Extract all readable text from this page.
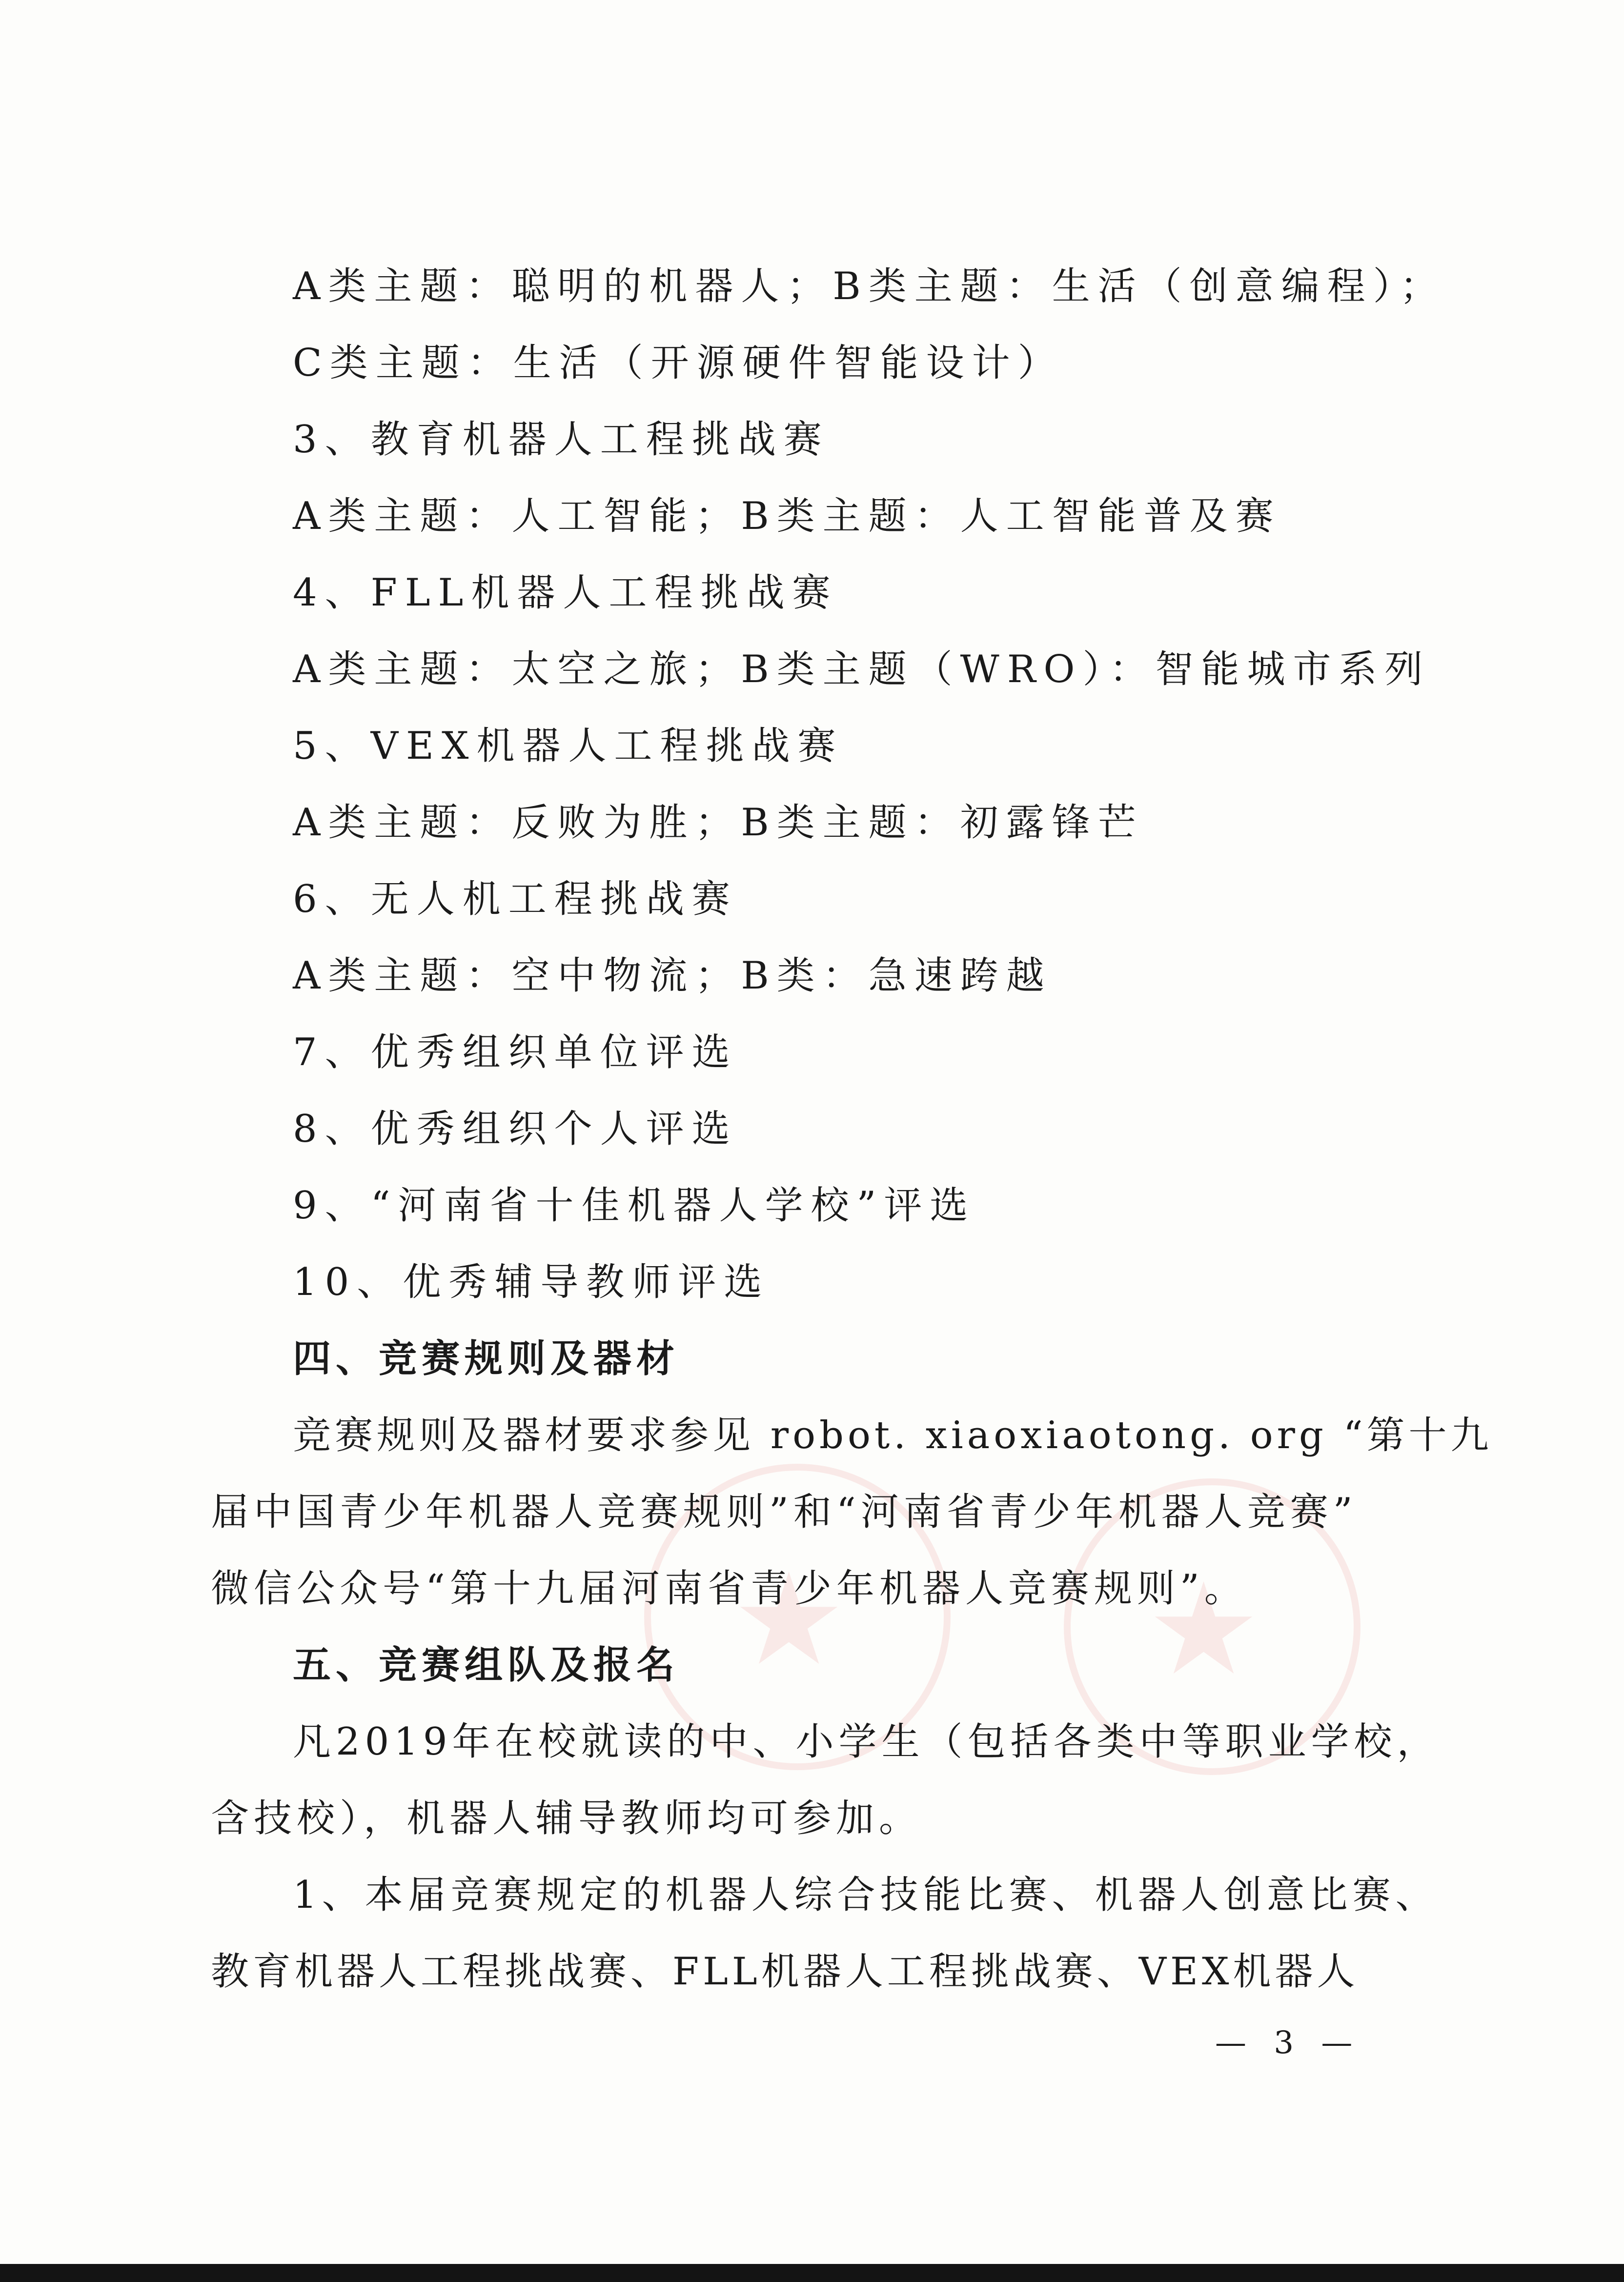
★ ★
A类主题：聪明的机器人；B类主题：生活（创意编程）；
C类主题：生活（开源硬件智能设计）
3、教育机器人工程挑战赛
A类主题：人工智能；B类主题：人工智能普及赛
4、FLL机器人工程挑战赛
A类主题：太空之旅；B类主题（WRO）：智能城市系列
5、VEX机器人工程挑战赛
A类主题：反败为胜；B类主题：初露锋芒
6、无人机工程挑战赛
A类主题：空中物流；B类：急速跨越
7、优秀组织单位评选
8、优秀组织个人评选
9、“河南省十佳机器人学校”评选
10、优秀辅导教师评选
四、竞赛规则及器材
竞赛规则及器材要求参见 robot. xiaoxiaotong. org “第十九
届中国青少年机器人竞赛规则”和“河南省青少年机器人竞赛”
微信公众号“第十九届河南省青少年机器人竞赛规则”。
五、竞赛组队及报名
凡2019年在校就读的中、小学生（包括各类中等职业学校，
含技校），机器人辅导教师均可参加。
1、本届竞赛规定的机器人综合技能比赛、机器人创意比赛、
教育机器人工程挑战赛、FLL机器人工程挑战赛、VEX机器人
— 3 —
